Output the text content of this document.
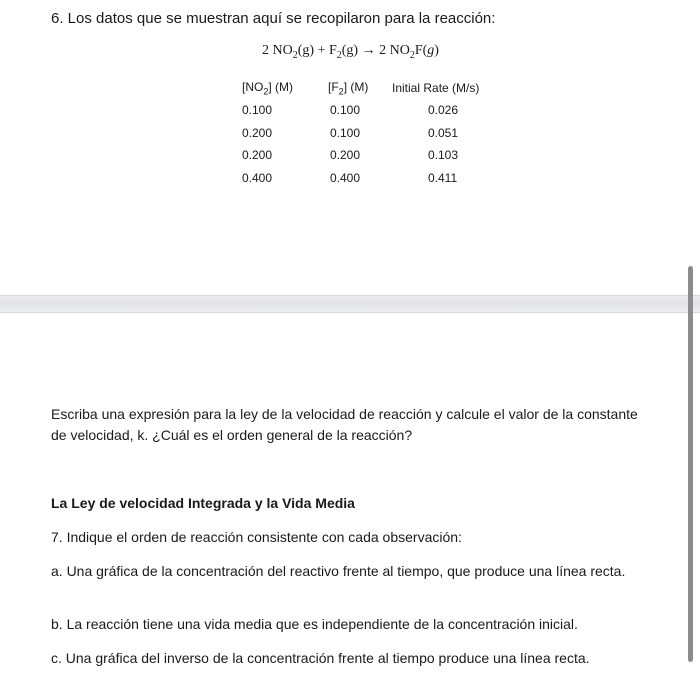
6. Los datos que se muestran aquí se recopilaron para la reacción:
2 $NO_2(g) + F_2(g) \to 2$ $NO_2F(g)$
$[NO_2]$ (M)	$[F_2]$ (M)	Initial Rate (M/s)
0.100	0.100	0.026
0.200	0.100	0.051
0.200	0.200	0.103
0.400	0.400	0.411
Escriba una expresión para la ley de la velocidad de reacción y calcule el valor de la constante de velocidad, k. ¿Cuál es el orden general de la reacción?
La Ley de velocidad Integrada y la Vida Media
7. Indique el orden de reacción consistente con cada observación:
a. Una gráfica de la concentración del reactivo frente al tiempo, que produce una línea recta.
b. La reacción tiene una vida media que es independiente de la concentración inicial.
c. Una gráfica del inverso de la concentración frente al tiempo produce una línea recta.
